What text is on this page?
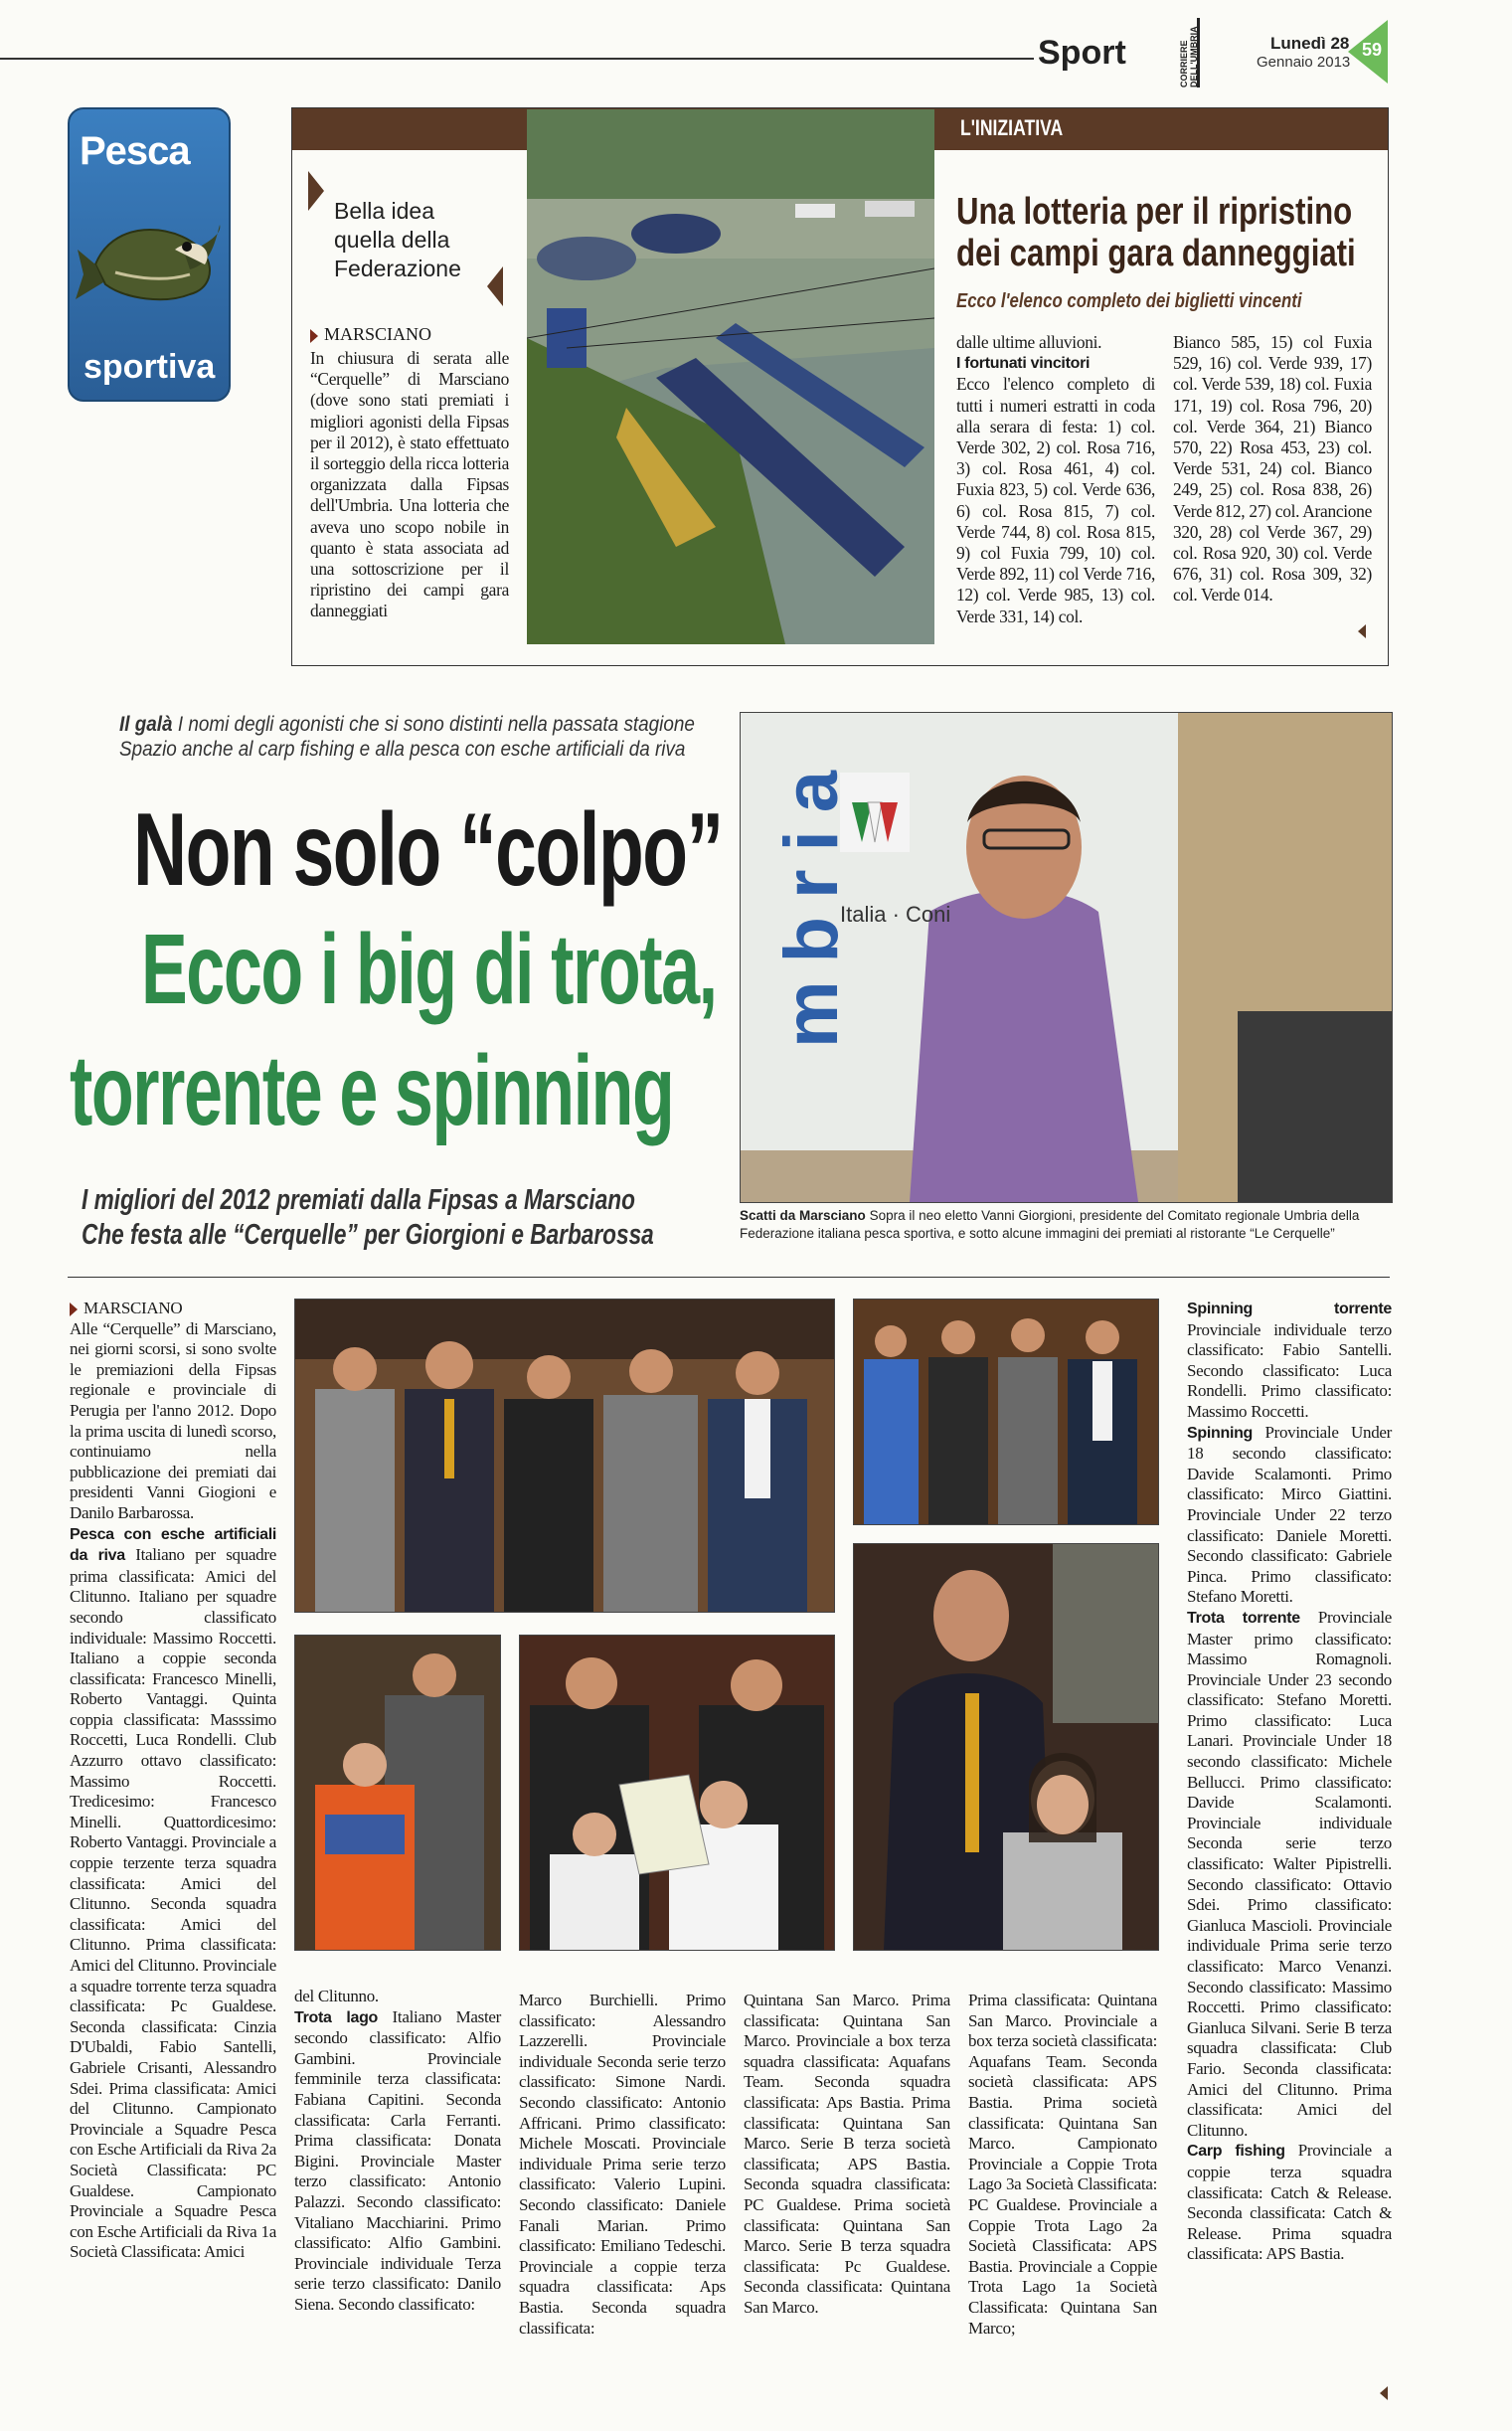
Sport	CORRIERE DELL'UMBRIA	Lunedì 28
Gennaio 2013
59
Pesca
sportiva
L'INIZIATIVA
Bella idea quella della Federazione
MARSCIANO
In chiusura di serata alle “Cerquelle” di Marsciano (dove sono stati premiati i migliori agonisti della Fipsas per il 2012), è stato effettuato il sorteggio della ricca lotteria organizzata dalla Fipsas dell'Umbria. Una lotteria che aveva uno scopo nobile in quanto è stata associata ad una sottoscrizione per il ripristino dei campi gara danneggiati
Una lotteria per il ripristino dei campi gara danneggiati
Ecco l'elenco completo dei biglietti vincenti

dalle ultime alluvioni.

I fortunati vincitori

Ecco l'elenco completo di tutti i numeri estratti in coda alla serara di festa: 1) col. Verde 302, 2) col. Rosa 716, 3) col. Rosa 461, 4) col. Fuxia 823, 5) col. Verde 636, 6) col. Rosa 815, 7) col. Verde 744, 8) col. Rosa 815, 9) col Fuxia 799, 10) col. Verde 892, 11) col Verde 716, 12) col. Verde 985, 13) col. Verde 331, 14) col.

Bianco 585, 15) col Fuxia 529, 16) col. Verde 939, 17) col. Verde 539, 18) col. Fuxia 171, 19) col. Rosa 796, 20) col. Verde 364, 21) Bianco 570, 22) Rosa 453, 23) col. Verde 531, 24) col. Bianco 249, 25) col. Rosa 838, 26) Verde 812, 27) col. Arancione 320, 28) col Verde 367, 29) col. Rosa 920, 30) col. Verde 676, 31) col. Rosa 309, 32) col. Verde 014.
Il galà I nomi degli agonisti che si sono distinti nella passata stagione
Spazio anche al carp fishing e alla pesca con esche artificiali da riva
Non solo “colpo”
Ecco i big di trota,
torrente e spinning
I migliori del 2012 premiati dalla Fipsas a Marsciano
Che festa alle “Cerquelle” per Giorgioni e Barbarossa
mbria
Italia · Coni
Scatti da Marsciano Sopra il neo eletto Vanni Giorgioni, presidente del Comitato regionale Umbria della Federazione italiana pesca sportiva, e sotto alcune immagini dei premiati al ristorante “Le Cerquelle”

MARSCIANO

Alle “Cerquelle” di Marsciano, nei giorni scorsi, si sono svolte le premiazioni della Fipsas regionale e provinciale di Perugia per l'anno 2012. Dopo la prima uscita di lunedì scorso, continuiamo nella pubblicazione dei premiati dai presidenti Vanni Giogioni e Danilo Barbarossa.

Pesca con esche artificiali da riva Italiano per squadre prima classificata: Amici del Clitunno. Italiano per squadre secondo classificato individuale: Massimo Roccetti. Italiano a coppie seconda classificata: Francesco Minelli, Roberto Vantaggi. Quinta coppia classificata: Masssimo Roccetti, Luca Rondelli. Club Azzurro ottavo classificato: Massimo Roccetti. Tredicesimo: Francesco Minelli. Quattordicesimo: Roberto Vantaggi. Provinciale a coppie terzente terza squadra classificata: Amici del Clitunno. Seconda squadra classificata: Amici del Clitunno. Prima classificata: Amici del Clitunno. Provinciale a squadre torrente terza squadra classificata: Pc Gualdese. Seconda classificata: Cinzia D'Ubaldi, Fabio Santelli, Gabriele Crisanti, Alessandro Sdei. Prima classificata: Amici del Clitunno. Campionato Provinciale a Squadre Pesca con Esche Artificiali da Riva 2a Società Classificata: PC Gualdese. Campionato Provinciale a Squadre Pesca con Esche Artificiali da Riva 1a Società Classificata: Amici

del Clitunno.

Trota lago Italiano Master secondo classificato: Alfio Gambini. Provinciale femminile terza classificata: Fabiana Capitini. Seconda classificata: Carla Ferranti. Prima classificata: Donata Bigini. Provinciale Master terzo classificato: Antonio Palazzi. Secondo classificato: Vitaliano Macchiarini. Primo classificato: Alfio Gambini. Provinciale individuale Terza serie terzo classificato: Danilo Siena. Secondo classificato:

Marco Burchielli. Primo classificato: Alessandro Lazzerelli. Provinciale individuale Seconda serie terzo classificato: Simone Nardi. Secondo classificato: Antonio Affricani. Primo classificato: Michele Moscati. Provinciale individuale Prima serie terzo classificato: Valerio Lupini. Secondo classificato: Daniele Fanali Marian. Primo classificato: Emiliano Tedeschi. Provinciale a coppie terza squadra classificata: Aps Bastia. Seconda squadra classificata:
Quintana San Marco. Prima classificata: Quintana San Marco. Provinciale a box terza squadra classificata: Aquafans Team. Seconda squadra classificata: Aps Bastia. Prima classificata: Quintana San Marco. Serie B terza società classificata; APS Bastia. Seconda squadra classificata: PC Gualdese. Prima società classificata: Quintana San Marco. Serie B terza squadra classificata: Pc Gualdese. Seconda classificata: Quintana San Marco.
Prima classificata: Quintana San Marco. Provinciale a box terza società classificata: Aquafans Team. Seconda società classificata: APS Bastia. Prima società classificata: Quintana San Marco. Campionato Provinciale a Coppie Trota Lago 3a Società Classificata: PC Gualdese. Provinciale a Coppie Trota Lago 2a Società Classificata: APS Bastia. Provinciale a Coppie Trota Lago 1a Società Classificata: Quintana San Marco;

Spinning torrente Provinciale individuale terzo classificato: Fabio Santelli. Secondo classificato: Luca Rondelli. Primo classificato: Massimo Roccetti.

Spinning Provinciale Under 18 secondo classificato: Davide Scalamonti. Primo classificato: Mirco Giattini. Provinciale Under 22 terzo classificato: Daniele Moretti. Secondo classificato: Gabriele Pinca. Primo classificato: Stefano Moretti.

Trota torrente Provinciale Master primo classificato: Massimo Romagnoli. Provinciale Under 23 secondo classificato: Stefano Moretti. Primo classificato: Luca Lanari. Provinciale Under 18 secondo classificato: Michele Bellucci. Primo classificato: Davide Scalamonti. Provinciale individuale Seconda serie terzo classificato: Walter Pipistrelli. Secondo classificato: Ottavio Sdei. Primo classificato: Gianluca Mascioli. Provinciale individuale Prima serie terzo classificato: Marco Venanzi. Secondo classificato: Massimo Roccetti. Primo classificato: Gianluca Silvani. Serie B terza squadra classificata: Club Fario. Seconda classificata: Amici del Clitunno. Prima classificata: Amici del Clitunno.

Carp fishing Provinciale a coppie terza squadra classificata: Catch & Release. Seconda classificata: Catch & Release. Prima squadra classificata: APS Bastia.
